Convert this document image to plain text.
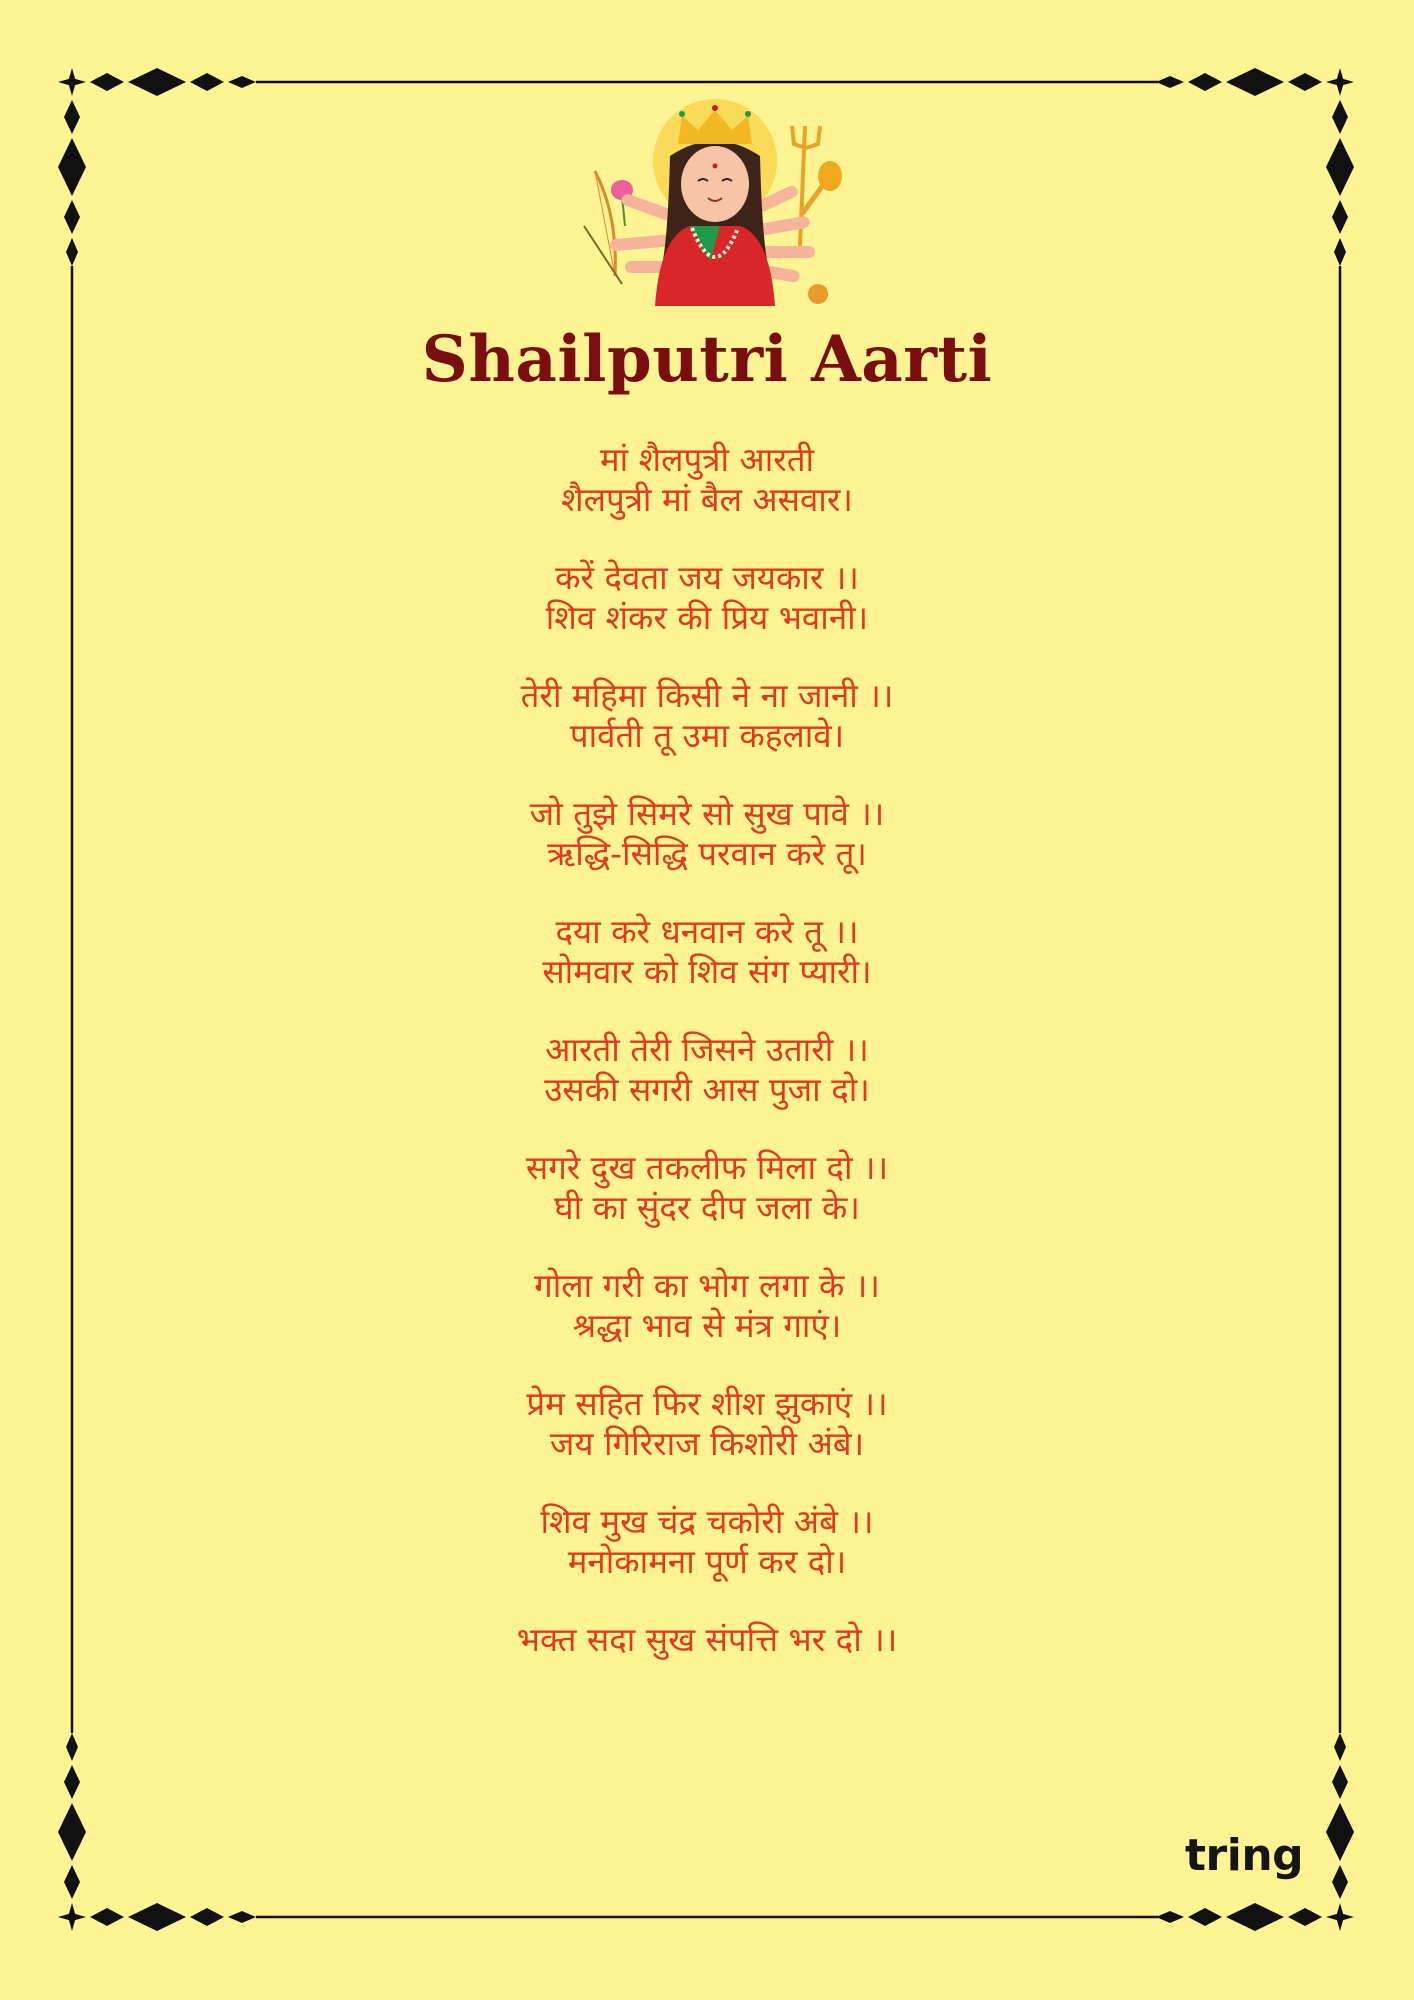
Shailputri Aarti
मां शैलपुत्री आरती
शैलपुत्री मां बैल असवार।
करें देवता जय जयकार ।।
शिव शंकर की प्रिय भवानी।
तेरी महिमा किसी ने ना जानी ।।
पार्वती तू उमा कहलावे।
जो तुझे सिमरे सो सुख पावे ।।
ऋद्धि-सिद्धि परवान करे तू।
दया करे धनवान करे तू ।।
सोमवार को शिव संग प्यारी।
आरती तेरी जिसने उतारी ।।
उसकी सगरी आस पुजा दो।
सगरे दुख तकलीफ मिला दो ।।
घी का सुंदर दीप जला के।
गोला गरी का भोग लगा के ।।
श्रद्धा भाव से मंत्र गाएं।
प्रेम सहित फिर शीश झुकाएं ।।
जय गिरिराज किशोरी अंबे।
शिव मुख चंद्र चकोरी अंबे ।।
मनोकामना पूर्ण कर दो।
भक्त सदा सुख संपत्ति भर दो ।।
tring
